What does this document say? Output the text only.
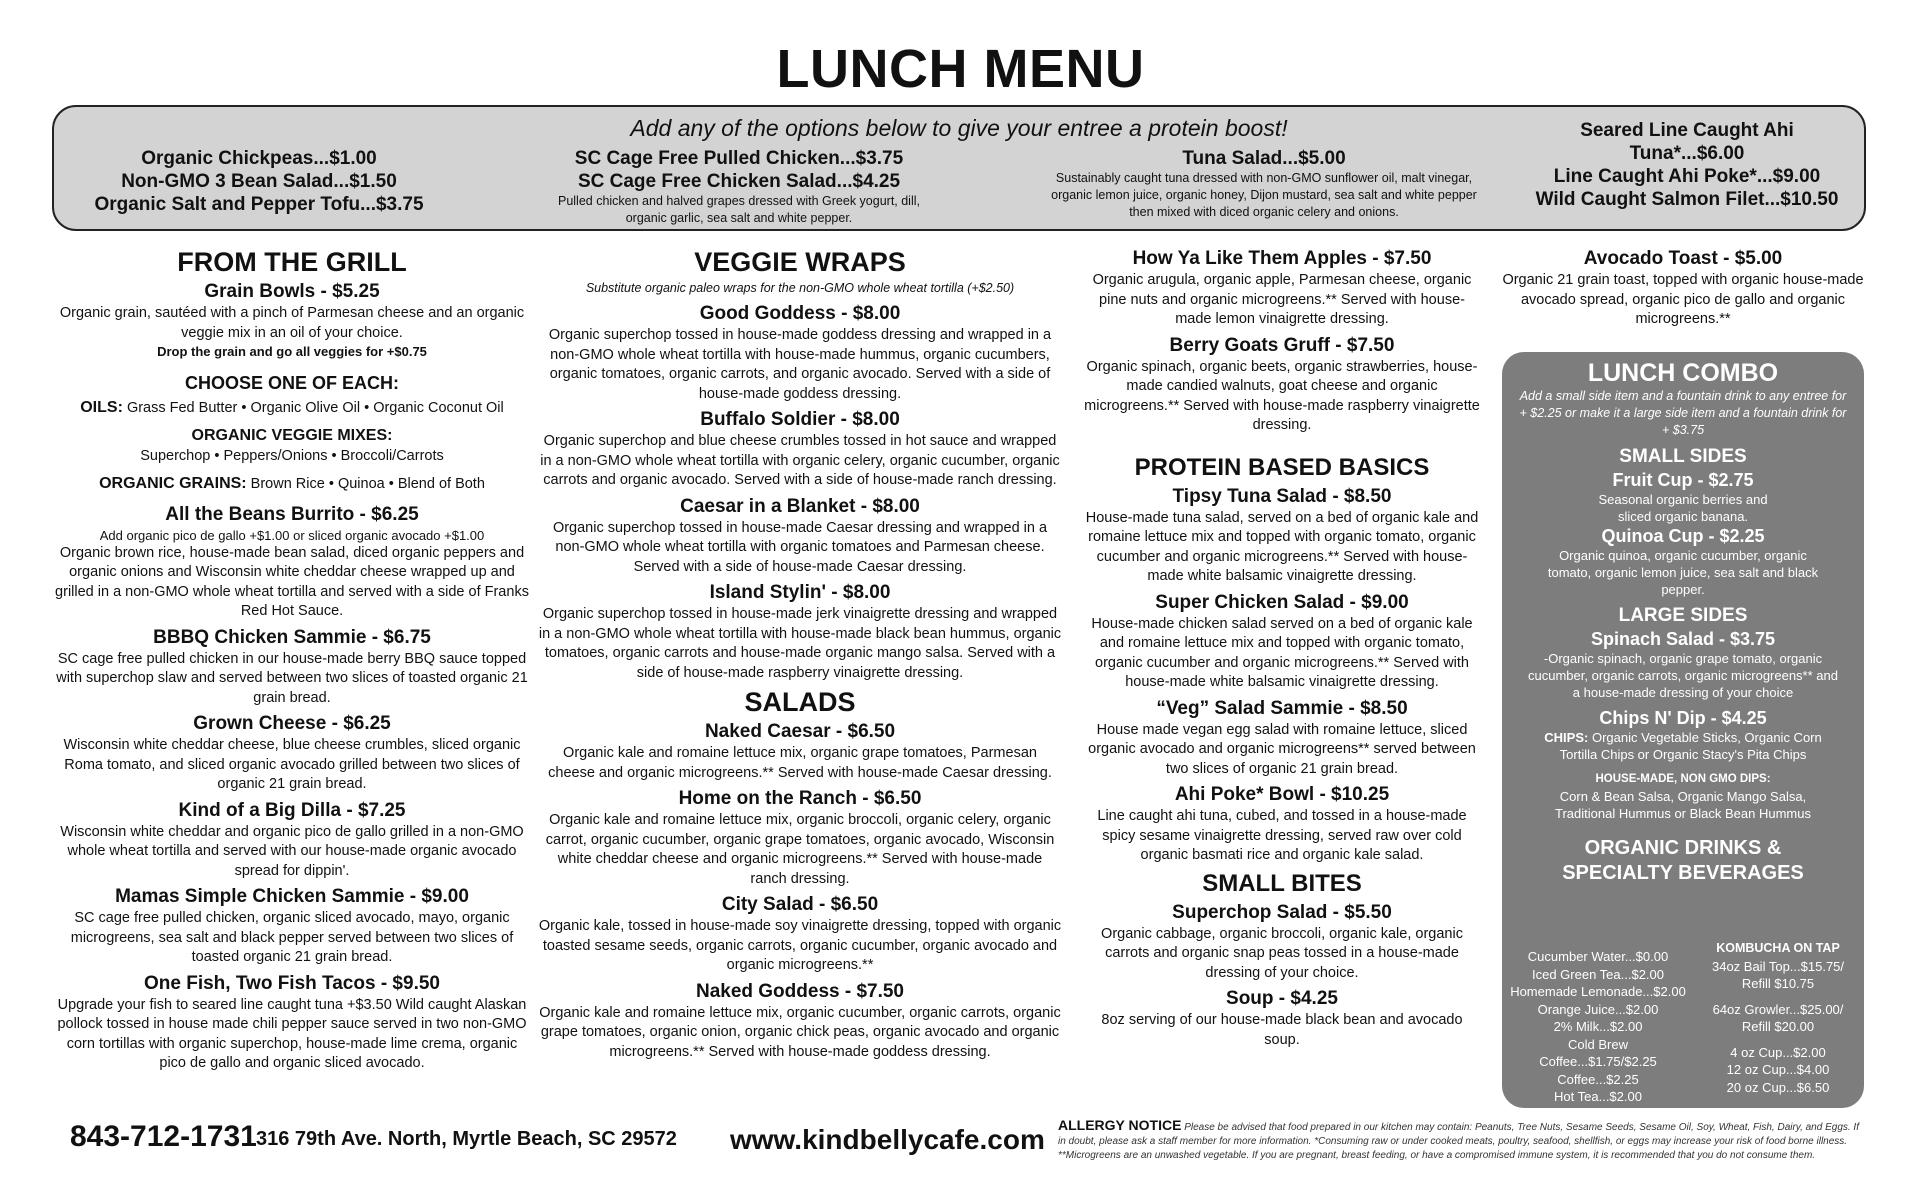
LUNCH MENU
Add any of the options below to give your entree a protein boost!
Organic Chickpeas...$1.00
Non-GMO 3 Bean Salad...$1.50
Organic Salt and Pepper Tofu...$3.75
SC Cage Free Pulled Chicken...$3.75
SC Cage Free Chicken Salad...$4.25
Pulled chicken and halved grapes dressed with Greek yogurt, dill, organic garlic, sea salt and white pepper.
Tuna Salad...$5.00
Sustainably caught tuna dressed with non-GMO sunflower oil, malt vinegar, organic lemon juice, organic honey, Dijon mustard, sea salt and white pepper then mixed with diced organic celery and onions.
Seared Line Caught Ahi
Tuna*...$6.00
Line Caught Ahi Poke*...$9.00
Wild Caught Salmon Filet...$10.50
FROM THE GRILL
Grain Bowls - $5.25
Organic grain, sautéed with a pinch of Parmesan cheese and an organic veggie mix in an oil of your choice.
Drop the grain and go all veggies for +$0.75
CHOOSE ONE OF EACH:
OILS: Grass Fed Butter • Organic Olive Oil • Organic Coconut Oil
ORGANIC VEGGIE MIXES:
Superchop • Peppers/Onions • Broccoli/Carrots
ORGANIC GRAINS: Brown Rice • Quinoa • Blend of Both
All the Beans Burrito - $6.25
Add organic pico de gallo +$1.00 or sliced organic avocado +$1.00
Organic brown rice, house-made bean salad, diced organic peppers and organic onions and Wisconsin white cheddar cheese wrapped up and grilled in a non-GMO whole wheat tortilla and served with a side of Franks Red Hot Sauce.
BBBQ Chicken Sammie - $6.75
SC cage free pulled chicken in our house-made berry BBQ sauce topped with superchop slaw and served between two slices of toasted organic 21 grain bread.
Grown Cheese - $6.25
Wisconsin white cheddar cheese, blue cheese crumbles, sliced organic Roma tomato, and sliced organic avocado grilled between two slices of organic 21 grain bread.
Kind of a Big Dilla - $7.25
Wisconsin white cheddar and organic pico de gallo grilled in a non-GMO whole wheat tortilla and served with our house-made organic avocado spread for dippin'.
Mamas Simple Chicken Sammie - $9.00
SC cage free pulled chicken, organic sliced avocado, mayo, organic microgreens, sea salt and black pepper served between two slices of toasted organic 21 grain bread.
One Fish, Two Fish Tacos - $9.50
Upgrade your fish to seared line caught tuna +$3.50 Wild caught Alaskan pollock tossed in house made chili pepper sauce served in two non-GMO corn tortillas with organic superchop, house-made lime crema, organic pico de gallo and organic sliced avocado.
VEGGIE WRAPS
Substitute organic paleo wraps for the non-GMO whole wheat tortilla (+$2.50)
Good Goddess - $8.00
Organic superchop tossed in house-made goddess dressing and wrapped in a non-GMO whole wheat tortilla with house-made hummus, organic cucumbers, organic tomatoes, organic carrots, and organic avocado. Served with a side of house-made goddess dressing.
Buffalo Soldier - $8.00
Organic superchop and blue cheese crumbles tossed in hot sauce and wrapped in a non-GMO whole wheat tortilla with organic celery, organic cucumber, organic carrots and organic avocado. Served with a side of house-made ranch dressing.
Caesar in a Blanket - $8.00
Organic superchop tossed in house-made Caesar dressing and wrapped in a non-GMO whole wheat tortilla with organic tomatoes and Parmesan cheese. Served with a side of house-made Caesar dressing.
Island Stylin' - $8.00
Organic superchop tossed in house-made jerk vinaigrette dressing and wrapped in a non-GMO whole wheat tortilla with house-made black bean hummus, organic tomatoes, organic carrots and house-made organic mango salsa. Served with a side of house-made raspberry vinaigrette dressing.
SALADS
Naked Caesar - $6.50
Organic kale and romaine lettuce mix, organic grape tomatoes, Parmesan cheese and organic microgreens.** Served with house-made Caesar dressing.
Home on the Ranch - $6.50
Organic kale and romaine lettuce mix, organic broccoli, organic celery, organic carrot, organic cucumber, organic grape tomatoes, organic avocado, Wisconsin white cheddar cheese and organic microgreens.** Served with house-made ranch dressing.
City Salad - $6.50
Organic kale, tossed in house-made soy vinaigrette dressing, topped with organic toasted sesame seeds, organic carrots, organic cucumber, organic avocado and organic microgreens.**
Naked Goddess - $7.50
Organic kale and romaine lettuce mix, organic cucumber, organic carrots, organic grape tomatoes, organic onion, organic chick peas, organic avocado and organic microgreens.** Served with house-made goddess dressing.
How Ya Like Them Apples - $7.50
Organic arugula, organic apple, Parmesan cheese, organic pine nuts and organic microgreens.** Served with house-made lemon vinaigrette dressing.
Berry Goats Gruff - $7.50
Organic spinach, organic beets, organic strawberries, house-made candied walnuts, goat cheese and organic microgreens.** Served with house-made raspberry vinaigrette dressing.
PROTEIN BASED BASICS
Tipsy Tuna Salad - $8.50
House-made tuna salad, served on a bed of organic kale and romaine lettuce mix and topped with organic tomato, organic cucumber and organic microgreens.** Served with house-made white balsamic vinaigrette dressing.
Super Chicken Salad - $9.00
House-made chicken salad served on a bed of organic kale and romaine lettuce mix and topped with organic tomato, organic cucumber and organic microgreens.** Served with house-made white balsamic vinaigrette dressing.
“Veg” Salad Sammie - $8.50
House made vegan egg salad with romaine lettuce, sliced organic avocado and organic microgreens** served between two slices of organic 21 grain bread.
Ahi Poke* Bowl - $10.25
Line caught ahi tuna, cubed, and tossed in a house-made spicy sesame vinaigrette dressing, served raw over cold organic basmati rice and organic kale salad.
SMALL BITES
Superchop Salad - $5.50
Organic cabbage, organic broccoli, organic kale, organic carrots and organic snap peas tossed in a house-made dressing of your choice.
Soup - $4.25
8oz serving of our house-made black bean and avocado soup.
Avocado Toast - $5.00
Organic 21 grain toast, topped with organic house-made avocado spread, organic pico de gallo and organic microgreens.**
LUNCH COMBO
Add a small side item and a fountain drink to any entree for + $2.25 or make it a large side item and a fountain drink for + $3.75
SMALL SIDES
Fruit Cup - $2.75
Seasonal organic berries and sliced organic banana.
Quinoa Cup - $2.25
Organic quinoa, organic cucumber, organic tomato, organic lemon juice, sea salt and black pepper.
LARGE SIDES
Spinach Salad - $3.75
-Organic spinach, organic grape tomato, organic cucumber, organic carrots, organic microgreens** and a house-made dressing of your choice
Chips N' Dip - $4.25
CHIPS: Organic Vegetable Sticks, Organic Corn Tortilla Chips or Organic Stacy's Pita Chips
HOUSE-MADE, NON GMO DIPS:
Corn & Bean Salsa, Organic Mango Salsa, Traditional Hummus or Black Bean Hummus
ORGANIC DRINKS &
SPECIALTY BEVERAGES
Cucumber Water...$0.00
Iced Green Tea...$2.00
Homemade Lemonade...$2.00
Orange Juice...$2.00
2% Milk...$2.00
Cold Brew Coffee...$1.75/$2.25
Coffee...$2.25
Hot Tea...$2.00
KOMBUCHA ON TAP
34oz Bail Top...$15.75/
Refill $10.75
64oz Growler...$25.00/
Refill $20.00
4 oz Cup...$2.00
12 oz Cup...$4.00
20 oz Cup...$6.50
843-712-1731 316 79th Ave. North, Myrtle Beach, SC 29572 www.kindbellycafe.com ALLERGY NOTICE Please be advised that food prepared in our kitchen may contain: Peanuts, Tree Nuts, Sesame Seeds, Sesame Oil, Soy, Wheat, Fish, Dairy, and Eggs. If in doubt, please ask a staff member for more information. *Consuming raw or under cooked meats, poultry, seafood, shellfish, or eggs may increase your risk of food borne illness. **Microgreens are an unwashed vegetable. If you are pregnant, breast feeding, or have a compromised immune system, it is recommended that you do not consume them.
